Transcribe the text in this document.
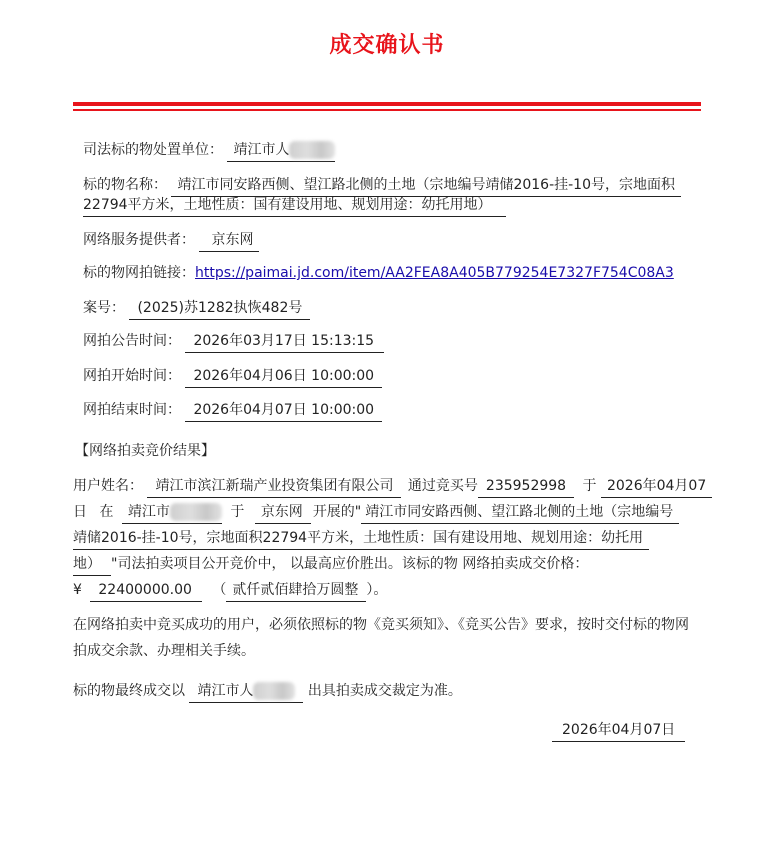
成交确认书
司法标的物处置单位： 靖江市人
标的物名称： 靖江市同安路西侧、望江路北侧的土地（宗地编号靖储2016-挂-10号，宗地面积
22794平方米，土地性质：国有建设用地、规划用途：幼托用地）
网络服务提供者： 京东网
标的物网拍链接：https://paimai.jd.com/item/AA2FEA8A405B779254E7327F754C08A3
案号： (2025)苏1282执恢482号
网拍公告时间： 2026年03月17日 15:13:15
网拍开始时间： 2026年04月06日 10:00:00
网拍结束时间： 2026年04月07日 10:00:00
【网络拍卖竞价结果】
用户姓名： 靖江市滨江新瑞产业投资集团有限公司 通过竞买号 235952998 于 2026年04月07
日 在 靖江市	于 京东网 开展的" 靖江市同安路西侧、望江路北侧的土地（宗地编号
靖储2016-挂-10号，宗地面积22794平方米，土地性质：国有建设用地、规划用途：幼托用
地） "司法拍卖项目公开竞价中， 以最高应价胜出。该标的物 网络拍卖成交价格：
¥ 22400000.00 （ 贰仟贰佰肆拾万圆整 ）。
在网络拍卖中竞买成功的用户，必须依照标的物《竞买须知》、《竞买公告》要求，按时交付标的物网拍成交余款、办理相关手续。
标的物最终成交以 靖江市人	出具拍卖成交裁定为准。
2026年04月07日
